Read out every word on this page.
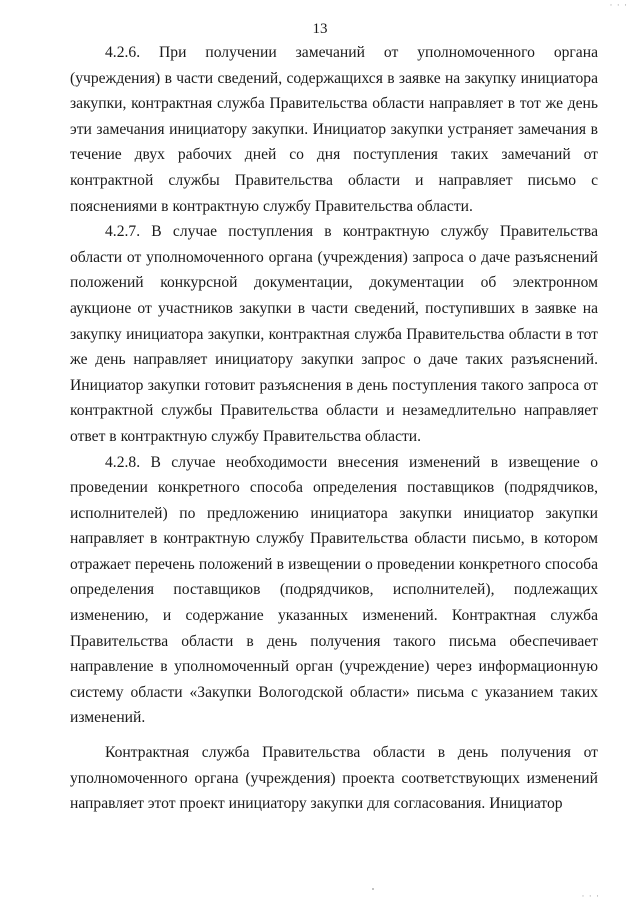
· · ·
13

4.2.6. При получении замечаний от уполномоченного органа (учреждения) в части сведений, содержащихся в заявке на закупку инициатора закупки, контрактная служба Правительства области направляет в тот же день эти замечания инициатору закупки. Инициатор закупки устраняет замечания в течение двух рабочих дней со дня поступления таких замечаний от контрактной службы Правительства области и направляет письмо с пояснениями в контрактную службу Правительства области.

4.2.7. В случае поступления в контрактную службу Правительства области от уполномоченного органа (учреждения) запроса о даче разъяснений положений конкурсной документации, документации об электронном аукционе от участников закупки в части сведений, поступивших в заявке на закупку инициатора закупки, контрактная служба Правительства области в тот же день направляет инициатору закупки запрос о даче таких разъяснений. Инициатор закупки готовит разъяснения в день поступления такого запроса от контрактной службы Правительства области и незамедлительно направляет ответ в контрактную службу Правительства области.

4.2.8. В случае необходимости внесения изменений в извещение о проведении конкретного способа определения поставщиков (подрядчиков, исполнителей) по предложению инициатора закупки инициатор закупки направляет в контрактную службу Правительства области письмо, в котором отражает перечень положений в извещении о проведении конкретного способа определения поставщиков (подрядчиков, исполнителей), подлежащих изменению, и содержание указанных изменений. Контрактная служба Правительства области в день получения такого письма обеспечивает направление в уполномоченный орган (учреждение) через информационную систему области «Закупки Вологодской области» письма с указанием таких изменений.

Контрактная служба Правительства области в день получения от уполномоченного органа (учреждения) проекта соответствующих изменений направляет этот проект инициатору закупки для согласования. Инициатор

· · ·
